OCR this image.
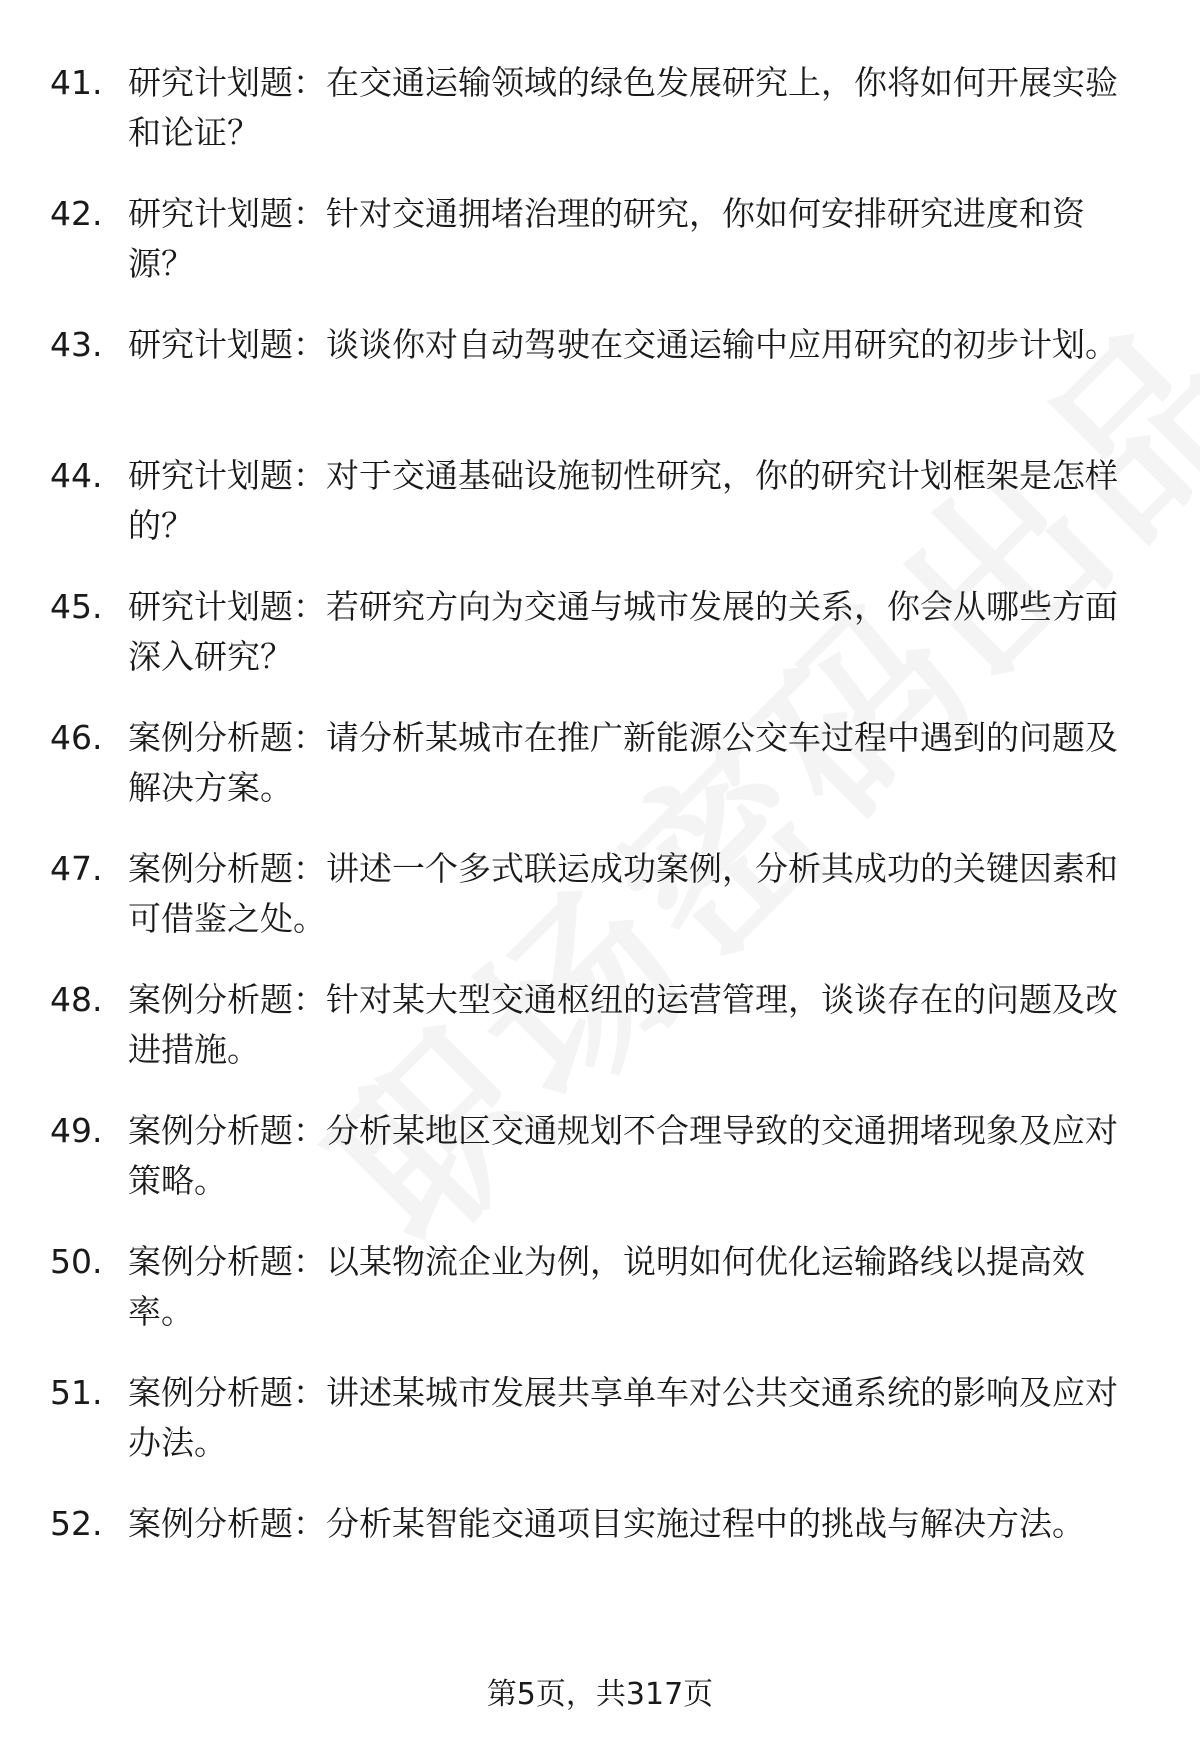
41. 研究计划题：在交通运输领域的绿色发展研究上，你将如何开展实验和论证？
42. 研究计划题：针对交通拥堵治理的研究，你如何安排研究进度和资源？
43. 研究计划题：谈谈你对自动驾驶在交通运输中应用研究的初步计划。
44. 研究计划题：对于交通基础设施韧性研究，你的研究计划框架是怎样的？
45. 研究计划题：若研究方向为交通与城市发展的关系，你会从哪些方面深入研究？
46. 案例分析题：请分析某城市在推广新能源公交车过程中遇到的问题及解决方案。
47. 案例分析题：讲述一个多式联运成功案例，分析其成功的关键因素和可借鉴之处。
48. 案例分析题：针对某大型交通枢纽的运营管理，谈谈存在的问题及改进措施。
49. 案例分析题：分析某地区交通规划不合理导致的交通拥堵现象及应对策略。
50. 案例分析题：以某物流企业为例，说明如何优化运输路线以提高效率。
51. 案例分析题：讲述某城市发展共享单车对公共交通系统的影响及应对办法。
52. 案例分析题：分析某智能交通项目实施过程中的挑战与解决方法。
第5页，共317页
